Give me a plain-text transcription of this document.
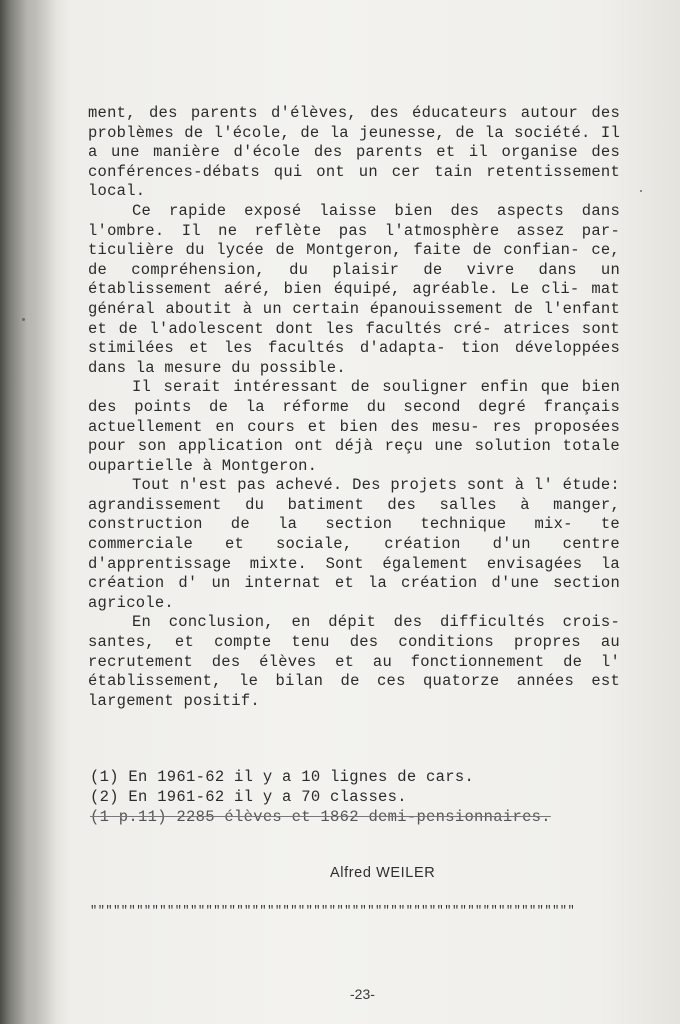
ment, des parents d'élèves, des éducateurs autour des problèmes de l'école, de la jeunesse, de la société. Il a une manière d'école des parents et il organise des conférences-débats qui ont un cer tain retentissement local.

Ce rapide exposé laisse bien des aspects dans l'ombre. Il ne reflète pas l'atmosphère assez par- ticulière du lycée de Montgeron, faite de confian- ce, de compréhension, du plaisir de vivre dans un établissement aéré, bien équipé, agréable. Le cli- mat général aboutit à un certain épanouissement de l'enfant et de l'adolescent dont les facultés cré- atrices sont stimilées et les facultés d'adapta- tion développées dans la mesure du possible.

Il serait intéressant de souligner enfin que bien des points de la réforme du second degré français actuellement en cours et bien des mesu- res proposées pour son application ont déjà reçu une solution totale oupartielle à Montgeron.

Tout n'est pas achevé. Des projets sont à l' étude: agrandissement du batiment des salles à manger, construction de la section technique mix- te commerciale et sociale, création d'un centre d'apprentissage mixte. Sont également envisagées la création d' un internat et la création d'une section agricole.

En conclusion, en dépit des difficultés crois- santes, et compte tenu des conditions propres au recrutement des élèves et au fonctionnement de l' établissement, le bilan de ces quatorze années est largement positif.

(1) En 1961-62 il y a 10 lignes de cars.
(2) En 1961-62 il y a 70 classes.
(1 p.11) 2285 élèves et 1862 demi-pensionnaires.
Alfred WEILER
"""""""""""""""""""""""""""""""""""""""""""""""""""""""""""""""
-23-
